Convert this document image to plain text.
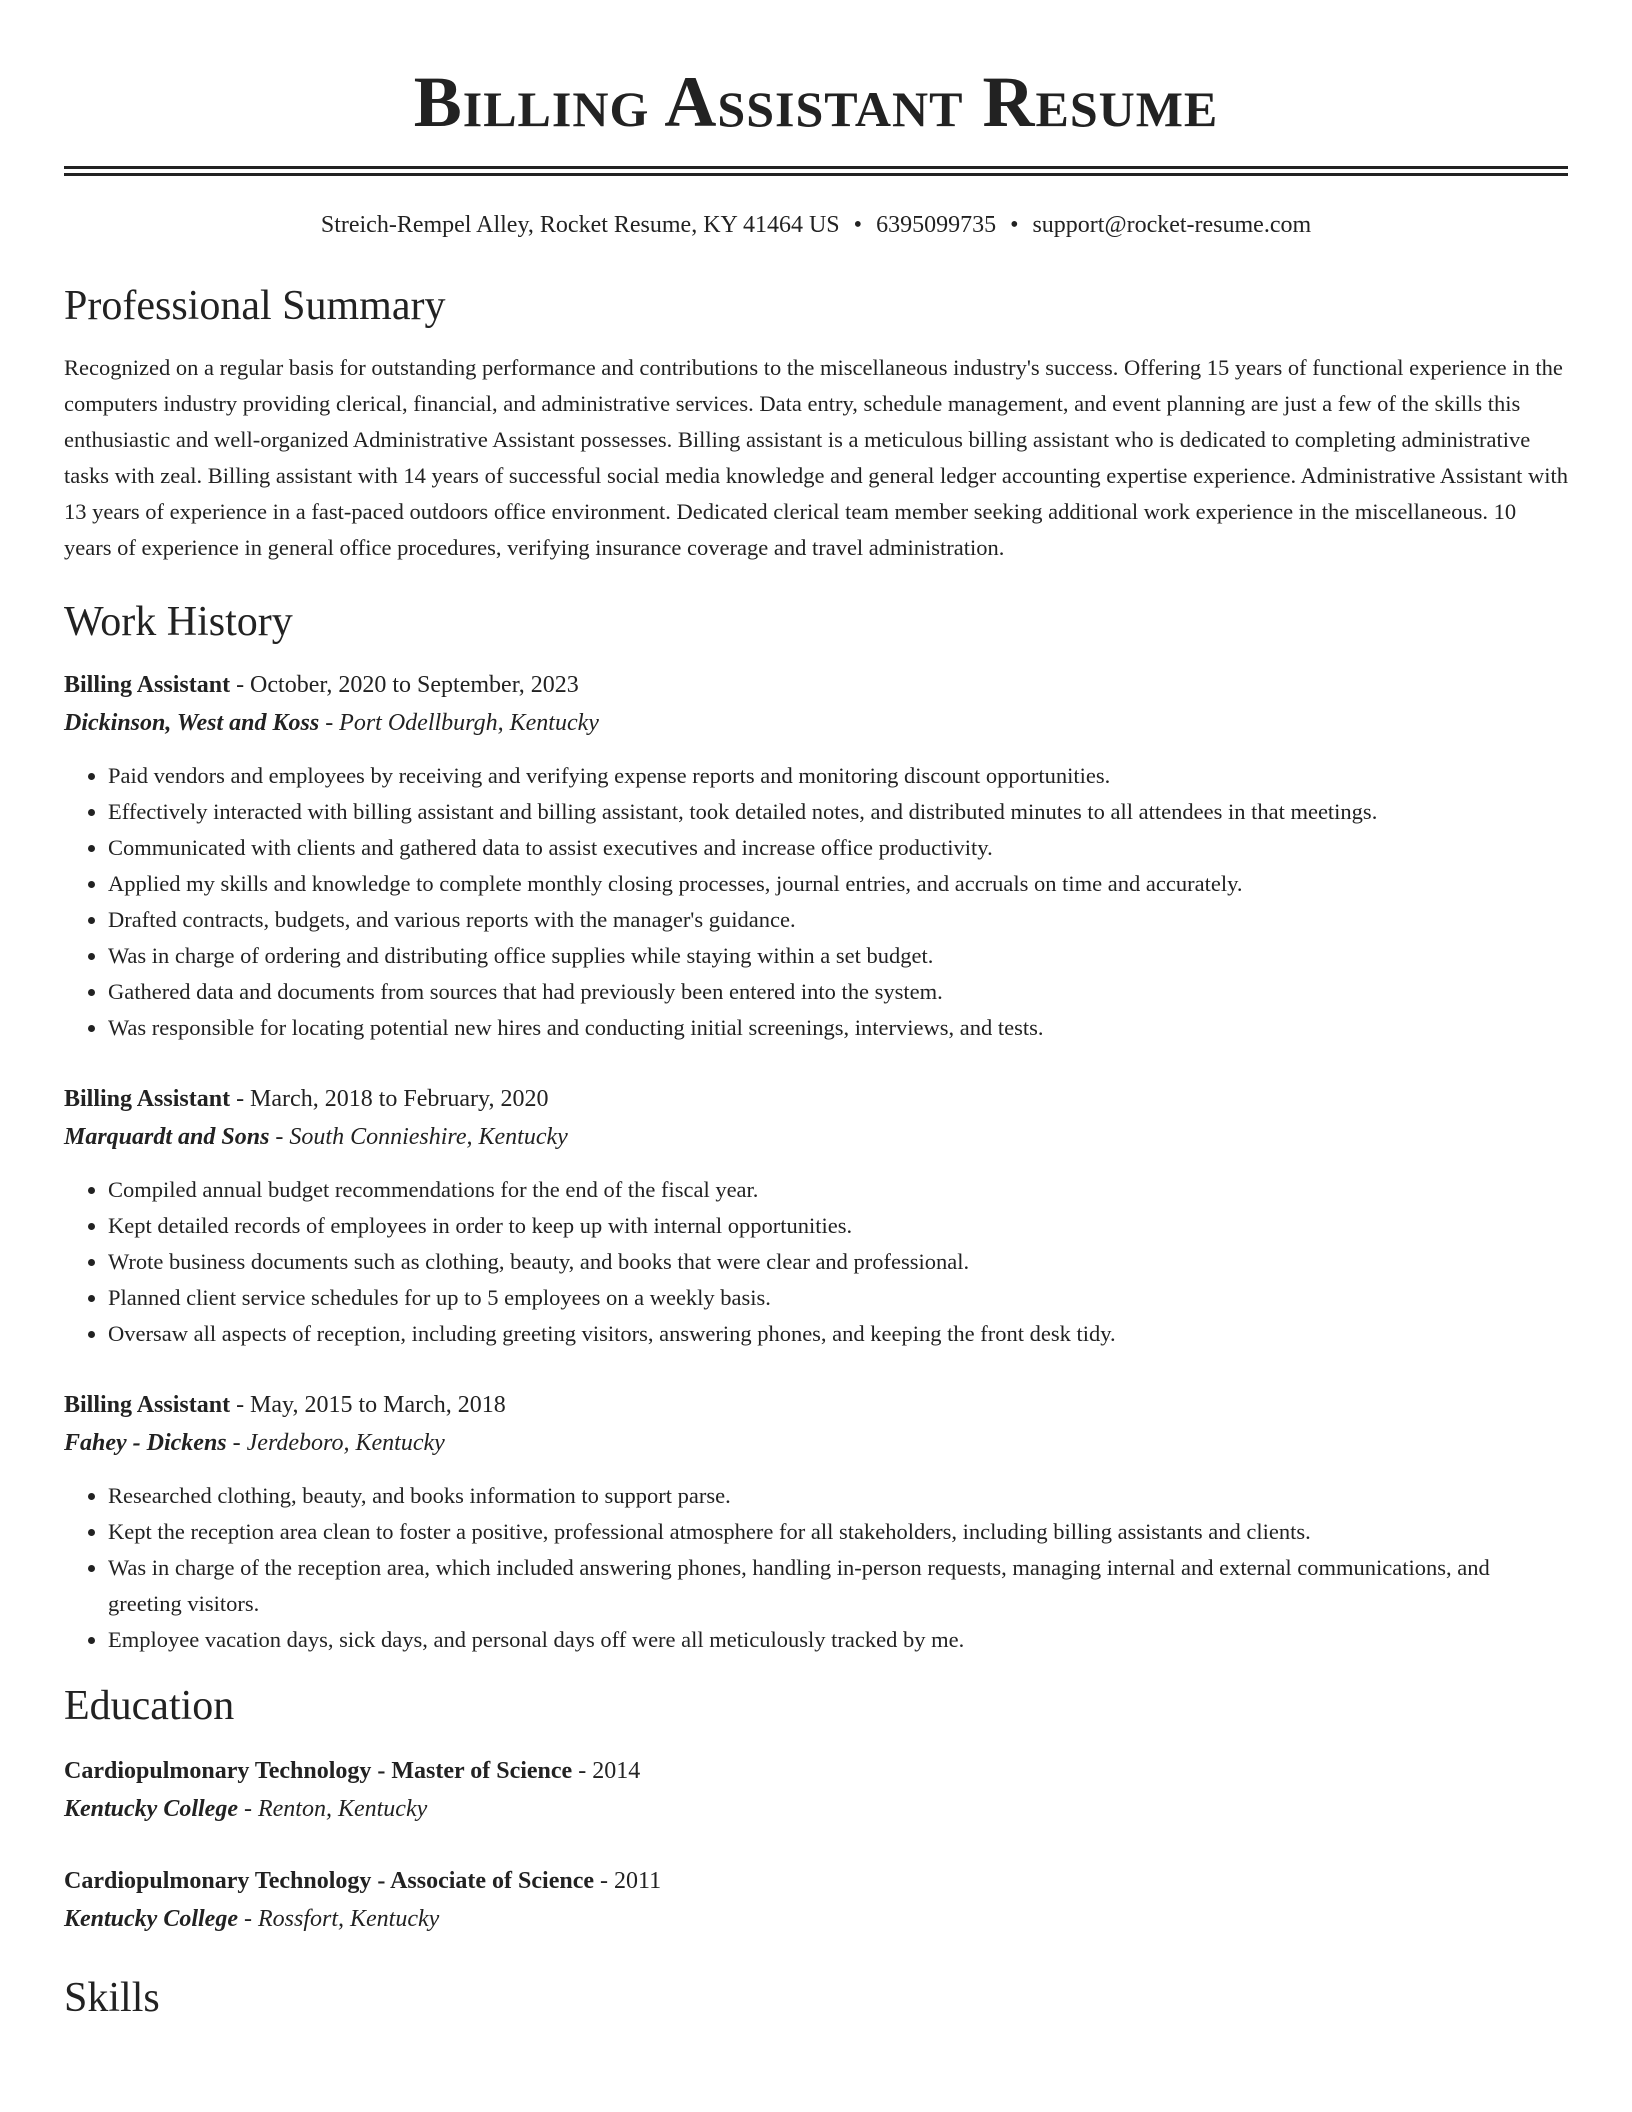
Billing Assistant Resume
Streich-Rempel Alley, Rocket Resume, KY 41464 US • 6395099735 • support@rocket-resume.com
Professional Summary

Recognized on a regular basis for outstanding performance and contributions to the miscellaneous industry's success. Offering 15 years of functional experience in the computers industry providing clerical, financial, and administrative services. Data entry, schedule management, and event planning are just a few of the skills this enthusiastic and well-organized Administrative Assistant possesses. Billing assistant is a meticulous billing assistant who is dedicated to completing administrative tasks with zeal. Billing assistant with 14 years of successful social media knowledge and general ledger accounting expertise experience. Administrative Assistant with 13 years of experience in a fast-paced outdoors office environment. Dedicated clerical team member seeking additional work experience in the miscellaneous. 10 years of experience in general office procedures, verifying insurance coverage and travel administration.

Work History
Billing Assistant - October, 2020 to September, 2023
Dickinson, West and Koss - Port Odellburgh, Kentucky
• Paid vendors and employees by receiving and verifying expense reports and monitoring discount opportunities.
• Effectively interacted with billing assistant and billing assistant, took detailed notes, and distributed minutes to all attendees in that meetings.
• Communicated with clients and gathered data to assist executives and increase office productivity.
• Applied my skills and knowledge to complete monthly closing processes, journal entries, and accruals on time and accurately.
• Drafted contracts, budgets, and various reports with the manager's guidance.
• Was in charge of ordering and distributing office supplies while staying within a set budget.
• Gathered data and documents from sources that had previously been entered into the system.
• Was responsible for locating potential new hires and conducting initial screenings, interviews, and tests.
Billing Assistant - March, 2018 to February, 2020
Marquardt and Sons - South Connieshire, Kentucky
• Compiled annual budget recommendations for the end of the fiscal year.
• Kept detailed records of employees in order to keep up with internal opportunities.
• Wrote business documents such as clothing, beauty, and books that were clear and professional.
• Planned client service schedules for up to 5 employees on a weekly basis.
• Oversaw all aspects of reception, including greeting visitors, answering phones, and keeping the front desk tidy.
Billing Assistant - May, 2015 to March, 2018
Fahey - Dickens - Jerdeboro, Kentucky
• Researched clothing, beauty, and books information to support parse.
• Kept the reception area clean to foster a positive, professional atmosphere for all stakeholders, including billing assistants and clients.
• Was in charge of the reception area, which included answering phones, handling in-person requests, managing internal and external communications, and greeting visitors.
• Employee vacation days, sick days, and personal days off were all meticulously tracked by me.
Education
Cardiopulmonary Technology - Master of Science - 2014
Kentucky College - Renton, Kentucky
Cardiopulmonary Technology - Associate of Science - 2011
Kentucky College - Rossfort, Kentucky
Skills
